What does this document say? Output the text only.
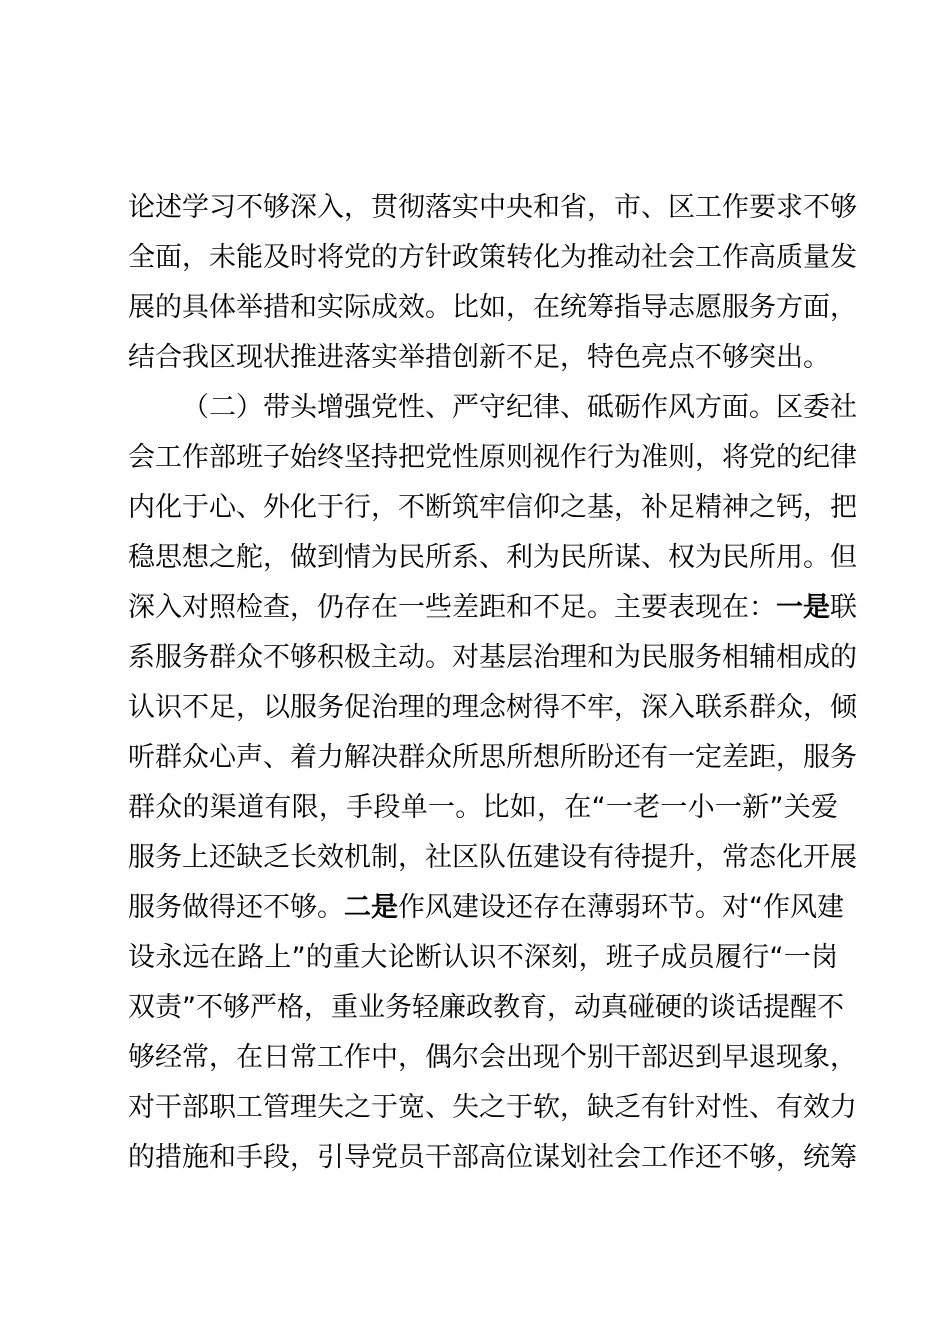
论述学习不够深入，贯彻落实中央和省，市、区工作要求不够
全面，未能及时将党的方针政策转化为推动社会工作高质量发
展的具体举措和实际成效。比如，在统筹指导志愿服务方面，
结合我区现状推进落实举措创新不足，特色亮点不够突出。
（二）带头增强党性、严守纪律、砥砺作风方面。区委社
会工作部班子始终坚持把党性原则视作行为准则，将党的纪律
内化于心、外化于行，不断筑牢信仰之基，补足精神之钙，把
稳思想之舵，做到情为民所系、利为民所谋、权为民所用。但
深入对照检查，仍存在一些差距和不足。主要表现在：一是联
系服务群众不够积极主动。对基层治理和为民服务相辅相成的
认识不足，以服务促治理的理念树得不牢，深入联系群众，倾
听群众心声、着力解决群众所思所想所盼还有一定差距，服务
群众的渠道有限，手段单一。比如，在“一老一小一新”关爱
服务上还缺乏长效机制，社区队伍建设有待提升，常态化开展
服务做得还不够。二是作风建设还存在薄弱环节。对“作风建
设永远在路上”的重大论断认识不深刻，班子成员履行“一岗
双责”不够严格，重业务轻廉政教育，动真碰硬的谈话提醒不
够经常，在日常工作中，偶尔会出现个别干部迟到早退现象，
对干部职工管理失之于宽、失之于软，缺乏有针对性、有效力
的措施和手段，引导党员干部高位谋划社会工作还不够，统筹
